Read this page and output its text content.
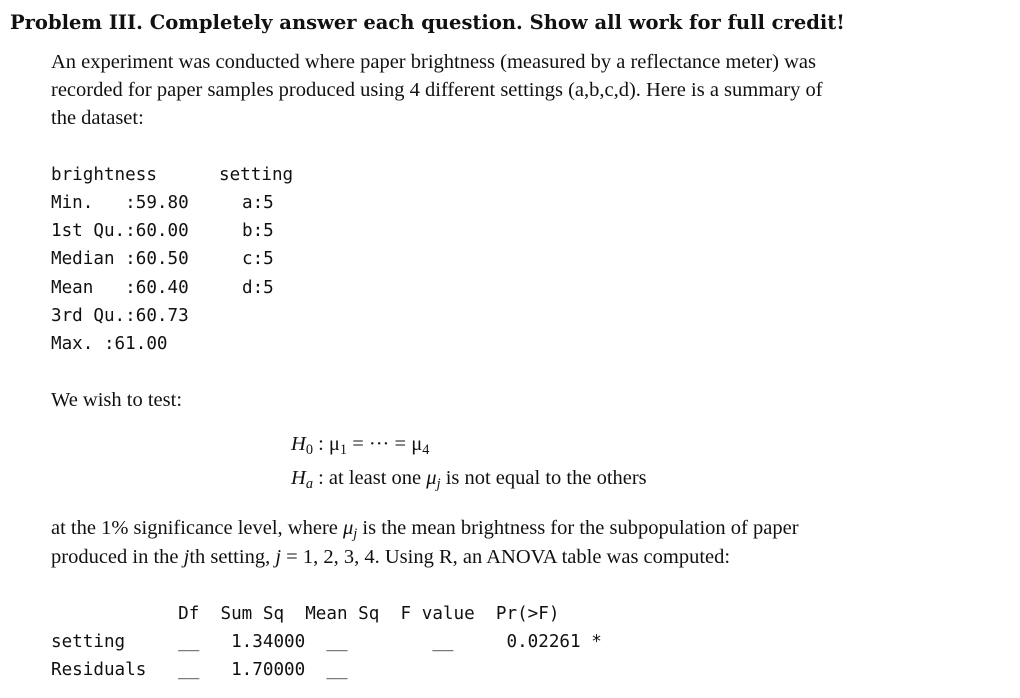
Problem III. Completely answer each question. Show all work for full credit!
An experiment was conducted where paper brightness (measured by a reflectance meter) was
recorded for paper samples produced using 4 different settings (a,b,c,d). Here is a summary of
the dataset:
brightness	setting
Min.   :59.80	a:5
1st Qu.:60.00	b:5
Median :60.50	c:5
Mean   :60.40	d:5
3rd Qu.:60.73
Max. :61.00
We wish to test:
$H_0$ : $\mu_1$ = ··· = $\mu_4$
$H_a$ : at least one $\mu_j$ is not equal to the others
at the 1% significance level, where $\mu_j$ is the mean brightness for the subpopulation of paper
produced in the jth setting, j = 1, 2, 3, 4. Using R, an ANOVA table was computed:
Df  Sum Sq  Mean Sq  F value  Pr(>F)
setting     __   1.34000  __        __     0.02261 *
Residuals   __   1.70000  __
